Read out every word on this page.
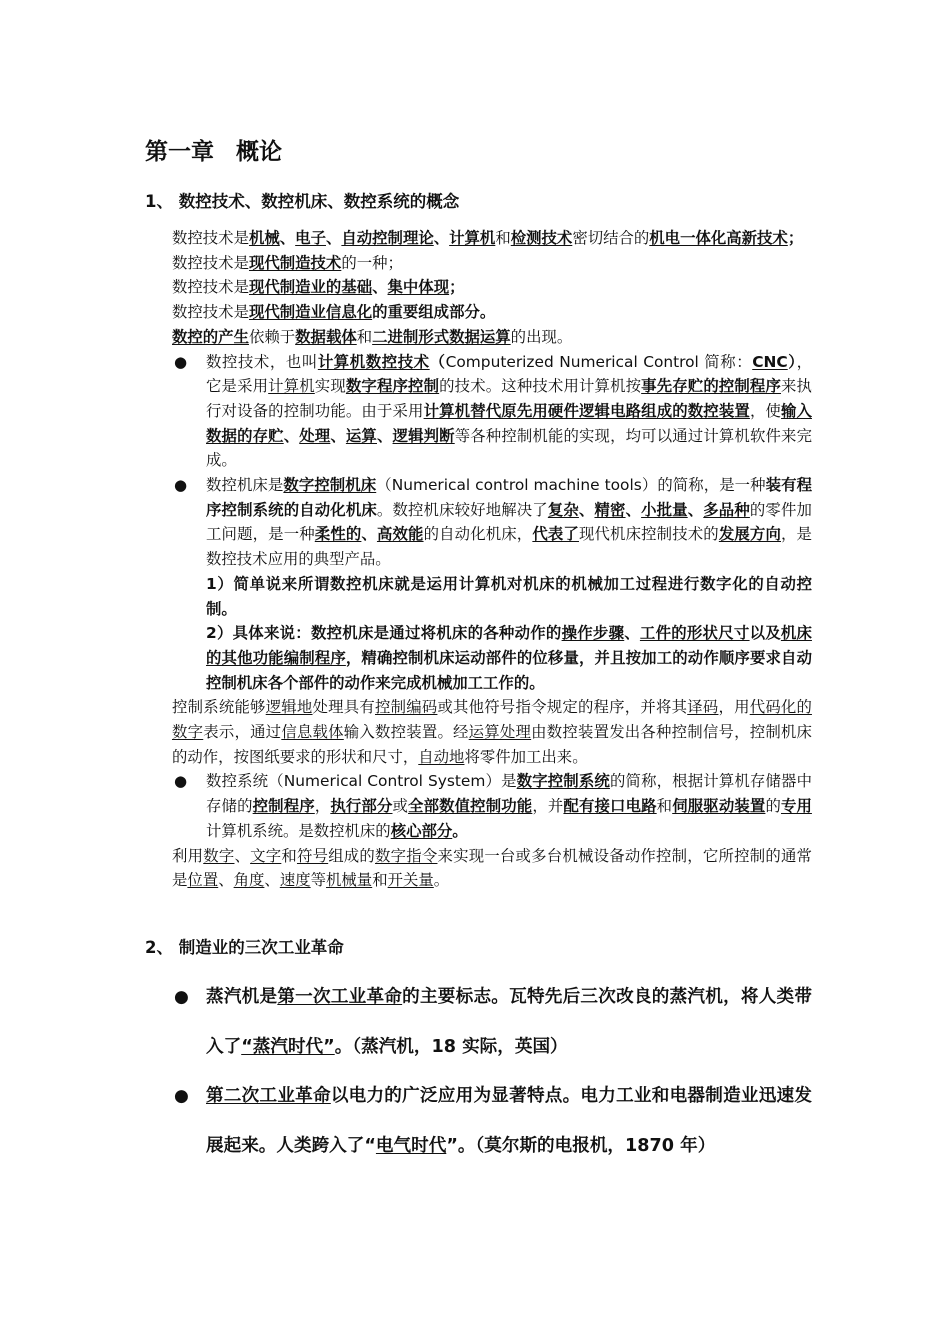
第一章 概论
1、 数控技术、数控机床、数控系统的概念

数控技术是机械、电子、自动控制理论、计算机和检测技术密切结合的机电一体化高新技术；

数控技术是现代制造技术的一种；

数控技术是现代制造业的基础、集中体现；

数控技术是现代制造业信息化的重要组成部分。

数控的产生依赖于数据载体和二进制形式数据运算的出现。

● 数控技术，也叫计算机数控技术（Computerized Numerical Control 简称：CNC），它是采用计算机实现数字程序控制的技术。这种技术用计算机按事先存贮的控制程序来执行对设备的控制功能。由于采用计算机替代原先用硬件逻辑电路组成的数控装置，使输入数据的存贮、处理、运算、逻辑判断等各种控制机能的实现，均可以通过计算机软件来完成。
● 数控机床是数字控制机床（Numerical control machine tools）的简称，是一种装有程序控制系统的自动化机床。数控机床较好地解决了复杂、精密、小批量、多品种的零件加工问题，是一种柔性的、高效能的自动化机床，代表了现代机床控制技术的发展方向，是数控技术应用的典型产品。

1）简单说来所谓数控机床就是运用计算机对机床的机械加工过程进行数字化的自动控制。

2）具体来说：数控机床是通过将机床的各种动作的操作步骤、工件的形状尺寸以及机床的其他功能编制程序，精确控制机床运动部件的位移量，并且按加工的动作顺序要求自动控制机床各个部件的动作来完成机械加工工作的。

控制系统能够逻辑地处理具有控制编码或其他符号指令规定的程序，并将其译码，用代码化的数字表示，通过信息载体输入数控装置。经运算处理由数控装置发出各种控制信号，控制机床的动作，按图纸要求的形状和尺寸，自动地将零件加工出来。

● 数控系统（Numerical Control System）是数字控制系统的简称，根据计算机存储器中存储的控制程序，执行部分或全部数值控制功能，并配有接口电路和伺服驱动装置的专用计算机系统。是数控机床的核心部分。

利用数字、文字和符号组成的数字指令来实现一台或多台机械设备动作控制，它所控制的通常是位置、角度、速度等机械量和开关量。

2、 制造业的三次工业革命
● 蒸汽机是第一次工业革命的主要标志。瓦特先后三次改良的蒸汽机，将人类带入了“蒸汽时代”。（蒸汽机，18 实际，英国）
● 第二次工业革命以电力的广泛应用为显著特点。电力工业和电器制造业迅速发展起来。人类跨入了“电气时代”。（莫尔斯的电报机，1870 年）
